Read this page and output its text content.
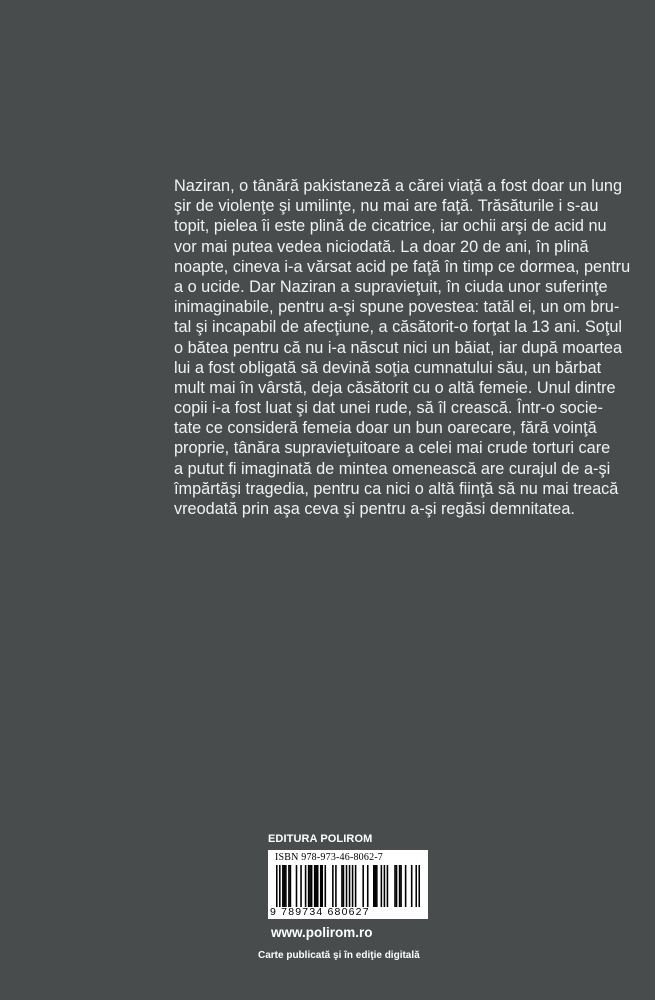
Naziran, o tânără pakistaneză a cărei viaţă a fost doar un lung
şir de violenţe şi umilinţe, nu mai are faţă. Trăsăturile i s-au
topit, pielea îi este plină de cicatrice, iar ochii arşi de acid nu
vor mai putea vedea niciodată. La doar 20 de ani, în plină
noapte, cineva i-a vărsat acid pe faţă în timp ce dormea, pentru
a o ucide. Dar Naziran a supravieţuit, în ciuda unor suferinţe
inimaginabile, pentru a-şi spune povestea: tatăl ei, un om bru-
tal şi incapabil de afecţiune, a căsătorit-o forţat la 13 ani. Soţul
o bătea pentru că nu i-a născut nici un băiat, iar după moartea
lui a fost obligată să devină soţia cumnatului său, un bărbat
mult mai în vârstă, deja căsătorit cu o altă femeie. Unul dintre
copii i-a fost luat şi dat unei rude, să îl crească. Într-o socie-
tate ce consideră femeia doar un bun oarecare, fără voinţă
proprie, tânăra supravieţuitoare a celei mai crude torturi care
a putut fi imaginată de mintea omenească are curajul de a-şi
împărtăşi tragedia, pentru ca nici o altă fiinţă să nu mai treacă
vreodată prin aşa ceva şi pentru a-şi regăsi demnitatea.
EDITURA POLIROM
ISBN 978-973-46-8062-7
9 789734 680627
www.polirom.ro
Carte publicată şi în ediţie digitală
